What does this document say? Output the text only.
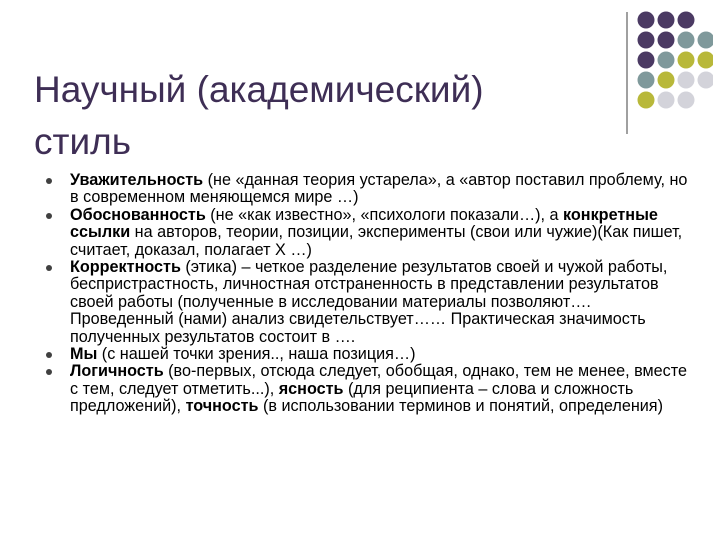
Научный (академический)
стиль
Уважительность (не «данная теория устарела», а «автор поставил проблему, но в современном меняющемся мире …)
Обоснованность (не «как известно», «психологи показали…), а конкретные ссылки на авторов, теории, позиции, эксперименты (свои или чужие)(Как пишет, считает, доказал, полагает Х …)
Корректность (этика) – четкое разделение результатов своей и чужой работы, беспристрастность, личностная отстраненность в представлении результатов своей работы (полученные в исследовании материалы позволяют…. Проведенный (нами) анализ свидетельствует…… Практическая значимость полученных результатов состоит в ….
Мы (с нашей точки зрения.., наша позиция…)
Логичность (во-первых, отсюда следует, обобщая, однако, тем не менее, вместе с тем, следует отметить...), ясность (для реципиента – слова и сложность предложений), точность (в использовании терминов и понятий, определения)
